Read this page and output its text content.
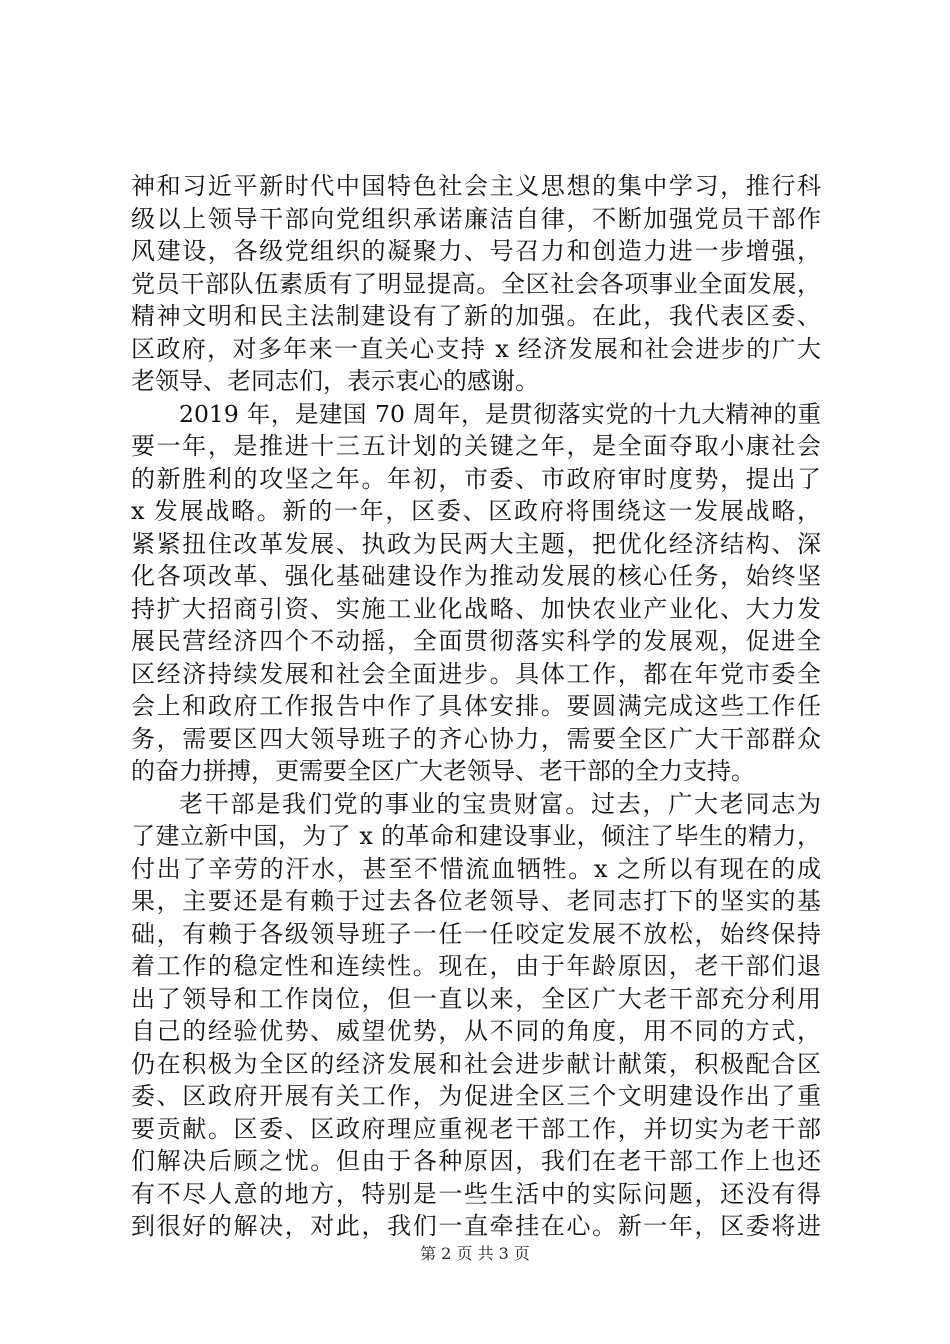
神和习近平新时代中国特色社会主义思想的集中学习，推行科
级以上领导干部向党组织承诺廉洁自律，不断加强党员干部作
风建设，各级党组织的凝聚力、号召力和创造力进一步增强，
党员干部队伍素质有了明显提高。全区社会各项事业全面发展，
精神文明和民主法制建设有了新的加强。在此，我代表区委、
区政府，对多年来一直关心支持 x 经济发展和社会进步的广大
老领导、老同志们，表示衷心的感谢。
2019 年，是建国 70 周年，是贯彻落实党的十九大精神的重
要一年，是推进十三五计划的关键之年，是全面夺取小康社会
的新胜利的攻坚之年。年初，市委、市政府审时度势，提出了
x 发展战略。新的一年，区委、区政府将围绕这一发展战略，
紧紧扭住改革发展、执政为民两大主题，把优化经济结构、深
化各项改革、强化基础建设作为推动发展的核心任务，始终坚
持扩大招商引资、实施工业化战略、加快农业产业化、大力发
展民营经济四个不动摇，全面贯彻落实科学的发展观，促进全
区经济持续发展和社会全面进步。具体工作，都在年党市委全
会上和政府工作报告中作了具体安排。要圆满完成这些工作任
务，需要区四大领导班子的齐心协力，需要全区广大干部群众
的奋力拼搏，更需要全区广大老领导、老干部的全力支持。
老干部是我们党的事业的宝贵财富。过去，广大老同志为
了建立新中国，为了 x 的革命和建设事业，倾注了毕生的精力，
付出了辛劳的汗水，甚至不惜流血牺牲。x 之所以有现在的成
果，主要还是有赖于过去各位老领导、老同志打下的坚实的基
础，有赖于各级领导班子一任一任咬定发展不放松，始终保持
着工作的稳定性和连续性。现在，由于年龄原因，老干部们退
出了领导和工作岗位，但一直以来，全区广大老干部充分利用
自己的经验优势、威望优势，从不同的角度，用不同的方式，
仍在积极为全区的经济发展和社会进步献计献策，积极配合区
委、区政府开展有关工作，为促进全区三个文明建设作出了重
要贡献。区委、区政府理应重视老干部工作，并切实为老干部
们解决后顾之忧。但由于各种原因，我们在老干部工作上也还
有不尽人意的地方，特别是一些生活中的实际问题，还没有得
到很好的解决，对此，我们一直牵挂在心。新一年，区委将进
第 2 页 共 3 页
